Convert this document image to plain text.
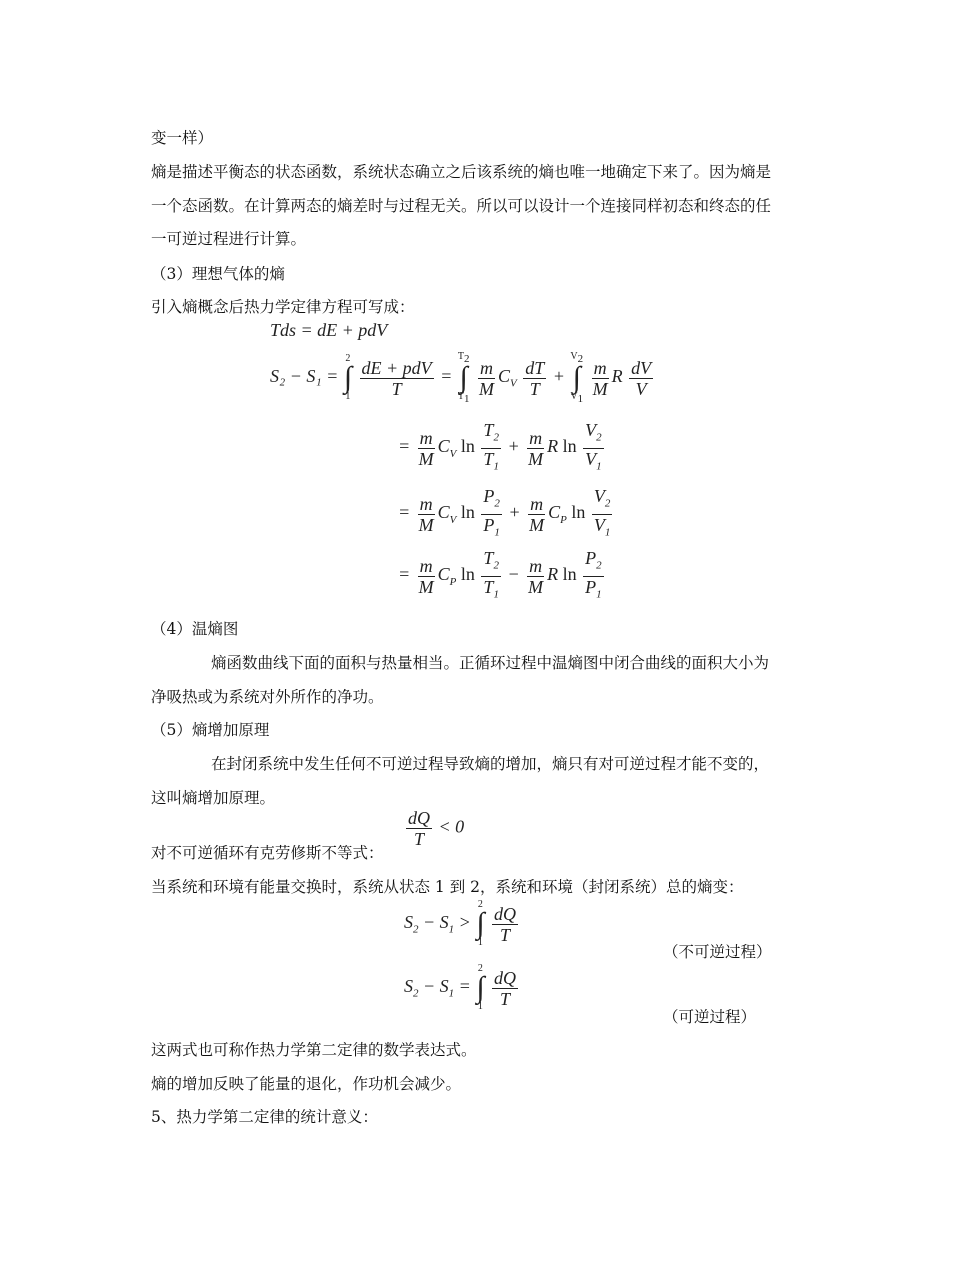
变一样）
熵是描述平衡态的状态函数，系统状态确立之后该系统的熵也唯一地确定下来了。因为熵是
一个态函数。在计算两态的熵差时与过程无关。所以可以设计一个连接同样初态和终态的任
一可逆过程进行计算。
（3）理想气体的熵
引入熵概念后热力学定律方程可写成：
Tds = dE + pdV
S₂ − S₁ =
2
∫
1
$\frac{\text{dE + pdV}}{T}$ =
$T_2$
∫
$T_1$

$\frac{m}{M} C_V \frac{dT}{T}$ +
$V_2$
∫
$V_1$

$\frac{m}{M}$ R $\frac{dV}{V}$
= $\frac{m}{M} C_V$ $\ln \frac{T_2}{T_1} + \frac{m}{M}$ R $\ln \frac{V_2}{V_1}$
= $\frac{m}{M} C_V$ $\ln \frac{P_2}{P_1} + \frac{m}{M} C_P$ $\ln \frac{V_2}{V_1}$
= $\frac{m}{M} C_P$ $\ln \frac{T_2}{T_1} - \frac{m}{M}$ R $\ln \frac{P_2}{P_1}$
（4）温熵图
熵函数曲线下面的面积与热量相当。正循环过程中温熵图中闭合曲线的面积大小为
净吸热或为系统对外所作的净功。
（5）熵增加原理
在封闭系统中发生任何不可逆过程导致熵的增加，熵只有对可逆过程才能不变的，
这叫熵增加原理。
$\frac{dQ}{T} < 0$
对不可逆循环有克劳修斯不等式：
当系统和环境有能量交换时，系统从状态 1 到 2，系统和环境（封闭系统）总的熵变：
$S_2 - S_1$ >
2
∫
1
$\frac{dQ}{T}$
（不可逆过程）
$S_2 - S_1$ =
2
∫
1
$\frac{dQ}{T}$
（可逆过程）
这两式也可称作热力学第二定律的数学表达式。
熵的增加反映了能量的退化，作功机会减少。
5、热力学第二定律的统计意义：
